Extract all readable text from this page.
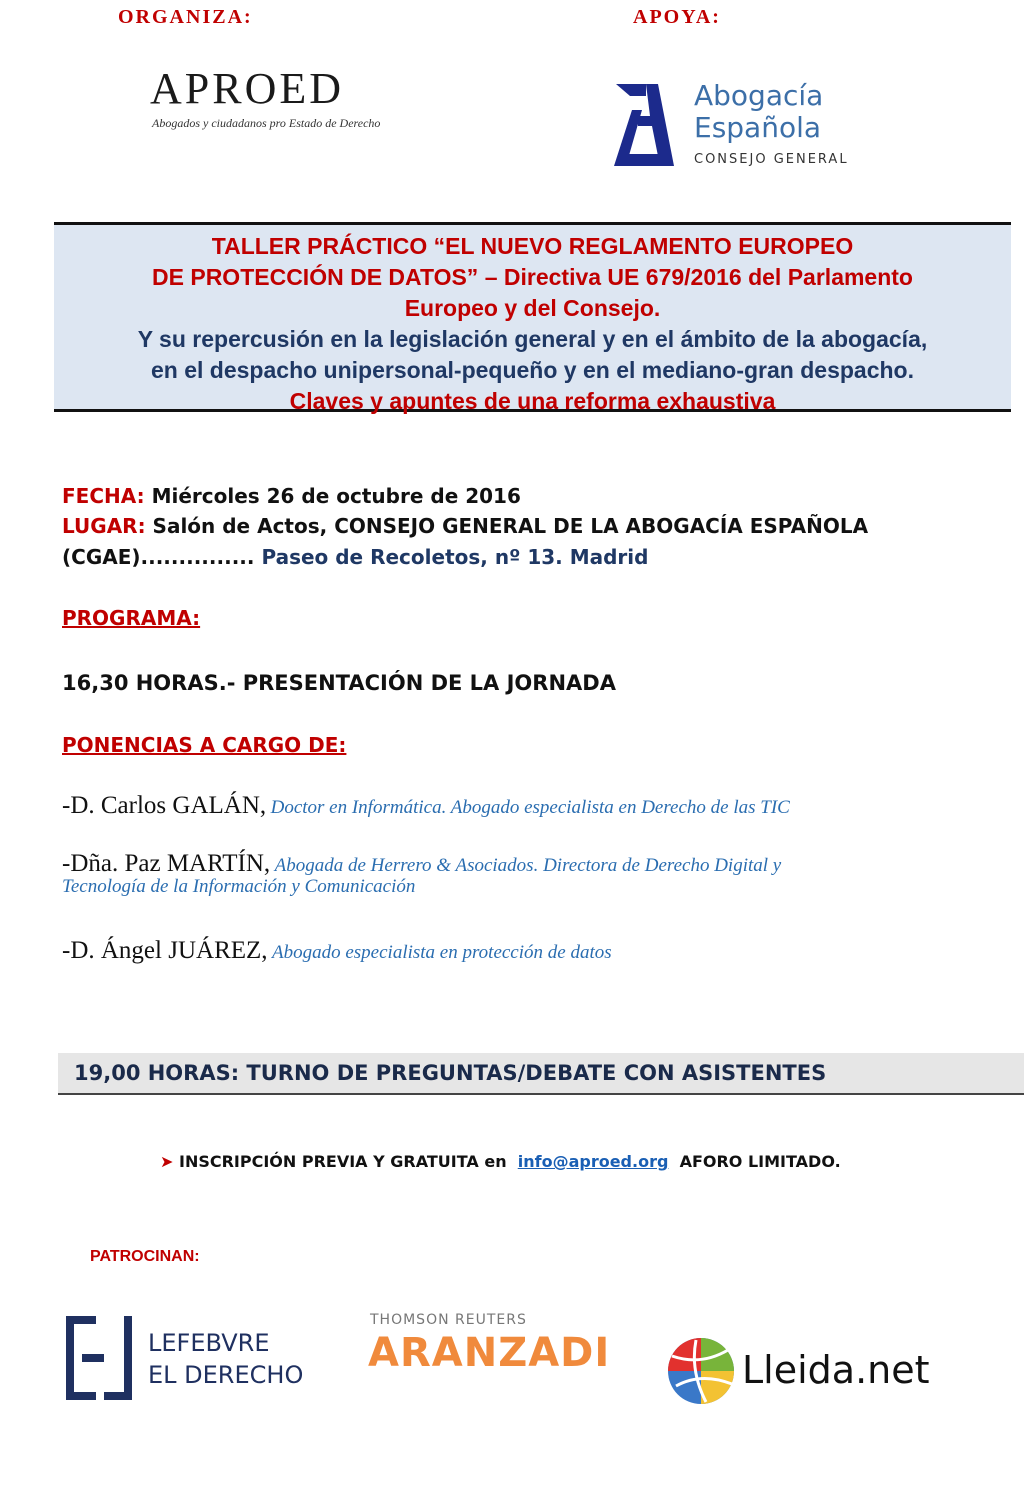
ORGANIZA:	APOYA:
APROED
Abogados y ciudadanos pro Estado de Derecho
Abogacía
Española
CONSEJO GENERAL
TALLER PRÁCTICO “EL NUEVO REGLAMENTO EUROPEO
DE PROTECCIÓN DE DATOS” – Directiva UE 679/2016 del Parlamento
Europeo y del Consejo.
Y su repercusión en la legislación general y en el ámbito de la abogacía,
en el despacho unipersonal-pequeño y en el mediano-gran despacho.
Claves y apuntes de una reforma exhaustiva
FECHA: Miércoles 26 de octubre de 2016
LUGAR: Salón de Actos, CONSEJO GENERAL DE LA ABOGACÍA ESPAÑOLA
(CGAE)............... Paseo de Recoletos, nº 13. Madrid
PROGRAMA:
16,30 HORAS.- PRESENTACIÓN DE LA JORNADA
PONENCIAS A CARGO DE:
-D. Carlos GALÁN, Doctor en Informática. Abogado especialista en Derecho de las TIC
-Dña. Paz MARTÍN, Abogada de Herrero & Asociados. Directora de Derecho Digital y
Tecnología de la Información y Comunicación
-D. Ángel JUÁREZ, Abogado especialista en protección de datos
19,00 HORAS: TURNO DE PREGUNTAS/DEBATE CON ASISTENTES
➤ INSCRIPCIÓN PREVIA Y GRATUITA en info@aproed.org AFORO LIMITADO.
PATROCINAN:
LEFEBVRE
EL DERECHO
THOMSON REUTERS
ARANZADI	Lleida.net
